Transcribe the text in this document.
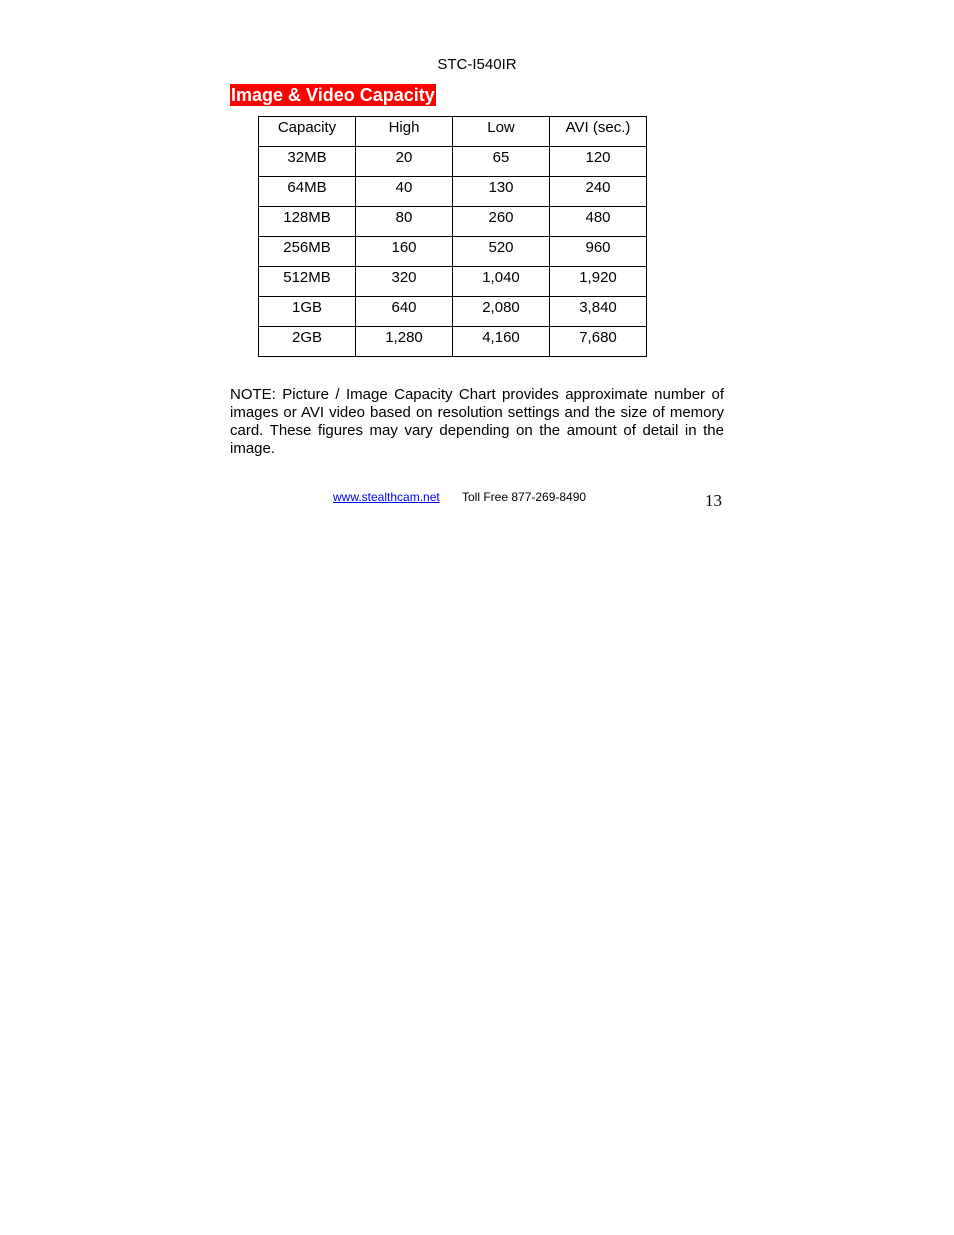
STC-I540IR
Image & Video Capacity
Capacity	High	Low	AVI (sec.)
32MB	20	65	120
64MB	40	130	240
128MB	80	260	480
256MB	160	520	960
512MB	320	1,040	1,920
1GB	640	2,080	3,840
2GB	1,280	4,160	7,680

NOTE: Picture / Image Capacity Chart provides approximate number of images or AVI video based on resolution settings and the size of memory card. These figures may vary depending on the amount of detail in the image.

www.stealthcam.net Toll Free 877-269-8490	13
